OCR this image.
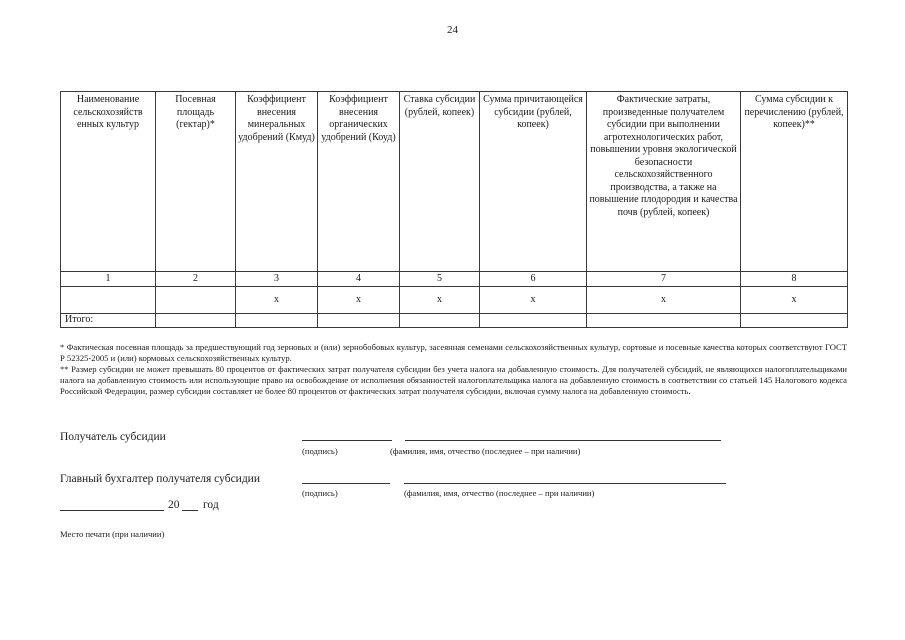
24
Наименование сельскохозяйств енных культур	Посевная площадь (гектар)*	Коэффициент внесения минеральных удобрений (Кмуд)	Коэффициент внесения органических удобрений (Коуд)	Ставка субсидии (рублей, копеек)	Сумма причитающейся субсидии (рублей, копеек)	Фактические затраты, произведенные получателем субсидии при выполнении агротехнологических работ, повышении уровня экологической безопасности сельскохозяйственного производства, а также на повышение плодородия и качества почв (рублей, копеек)	Сумма субсидии к перечислению (рублей, копеек)**
1	2	3	4	5	6	7	8
		x	x	x	x	x	x
Итого:							

* Фактическая посевная площадь за предшествующий год зерновых и (или) зернобобовых культур, засеянная семенами сельскохозяйственных культур, сортовые и посевные качества которых соответствуют ГОСТ Р 52325-2005 и (или) кормовых сельскохозяйственных культур.

** Размер субсидии не может превышать 80 процентов от фактических затрат получателя субсидии без учета налога на добавленную стоимость. Для получателей субсидий, не являющихся налогоплательщиками налога на добавленную стоимость или использующие право на освобождение от исполнения обязанностей налогоплательщика налога на добавленную стоимость в соответствии со статьей 145 Налогового кодекса Российской Федерации, размер субсидии составляет не более 80 процентов от фактических затрат получателя субсидии, включая сумму налога на добавленную стоимость.

Получатель субсидии
(подпись)	(фамилия, имя, отчество (последнее – при наличии)
Главный бухгалтер получателя субсидии
(подпись)	(фамилия, имя, отчество (последнее – при наличии)
20 год
Место печати (при наличии)
